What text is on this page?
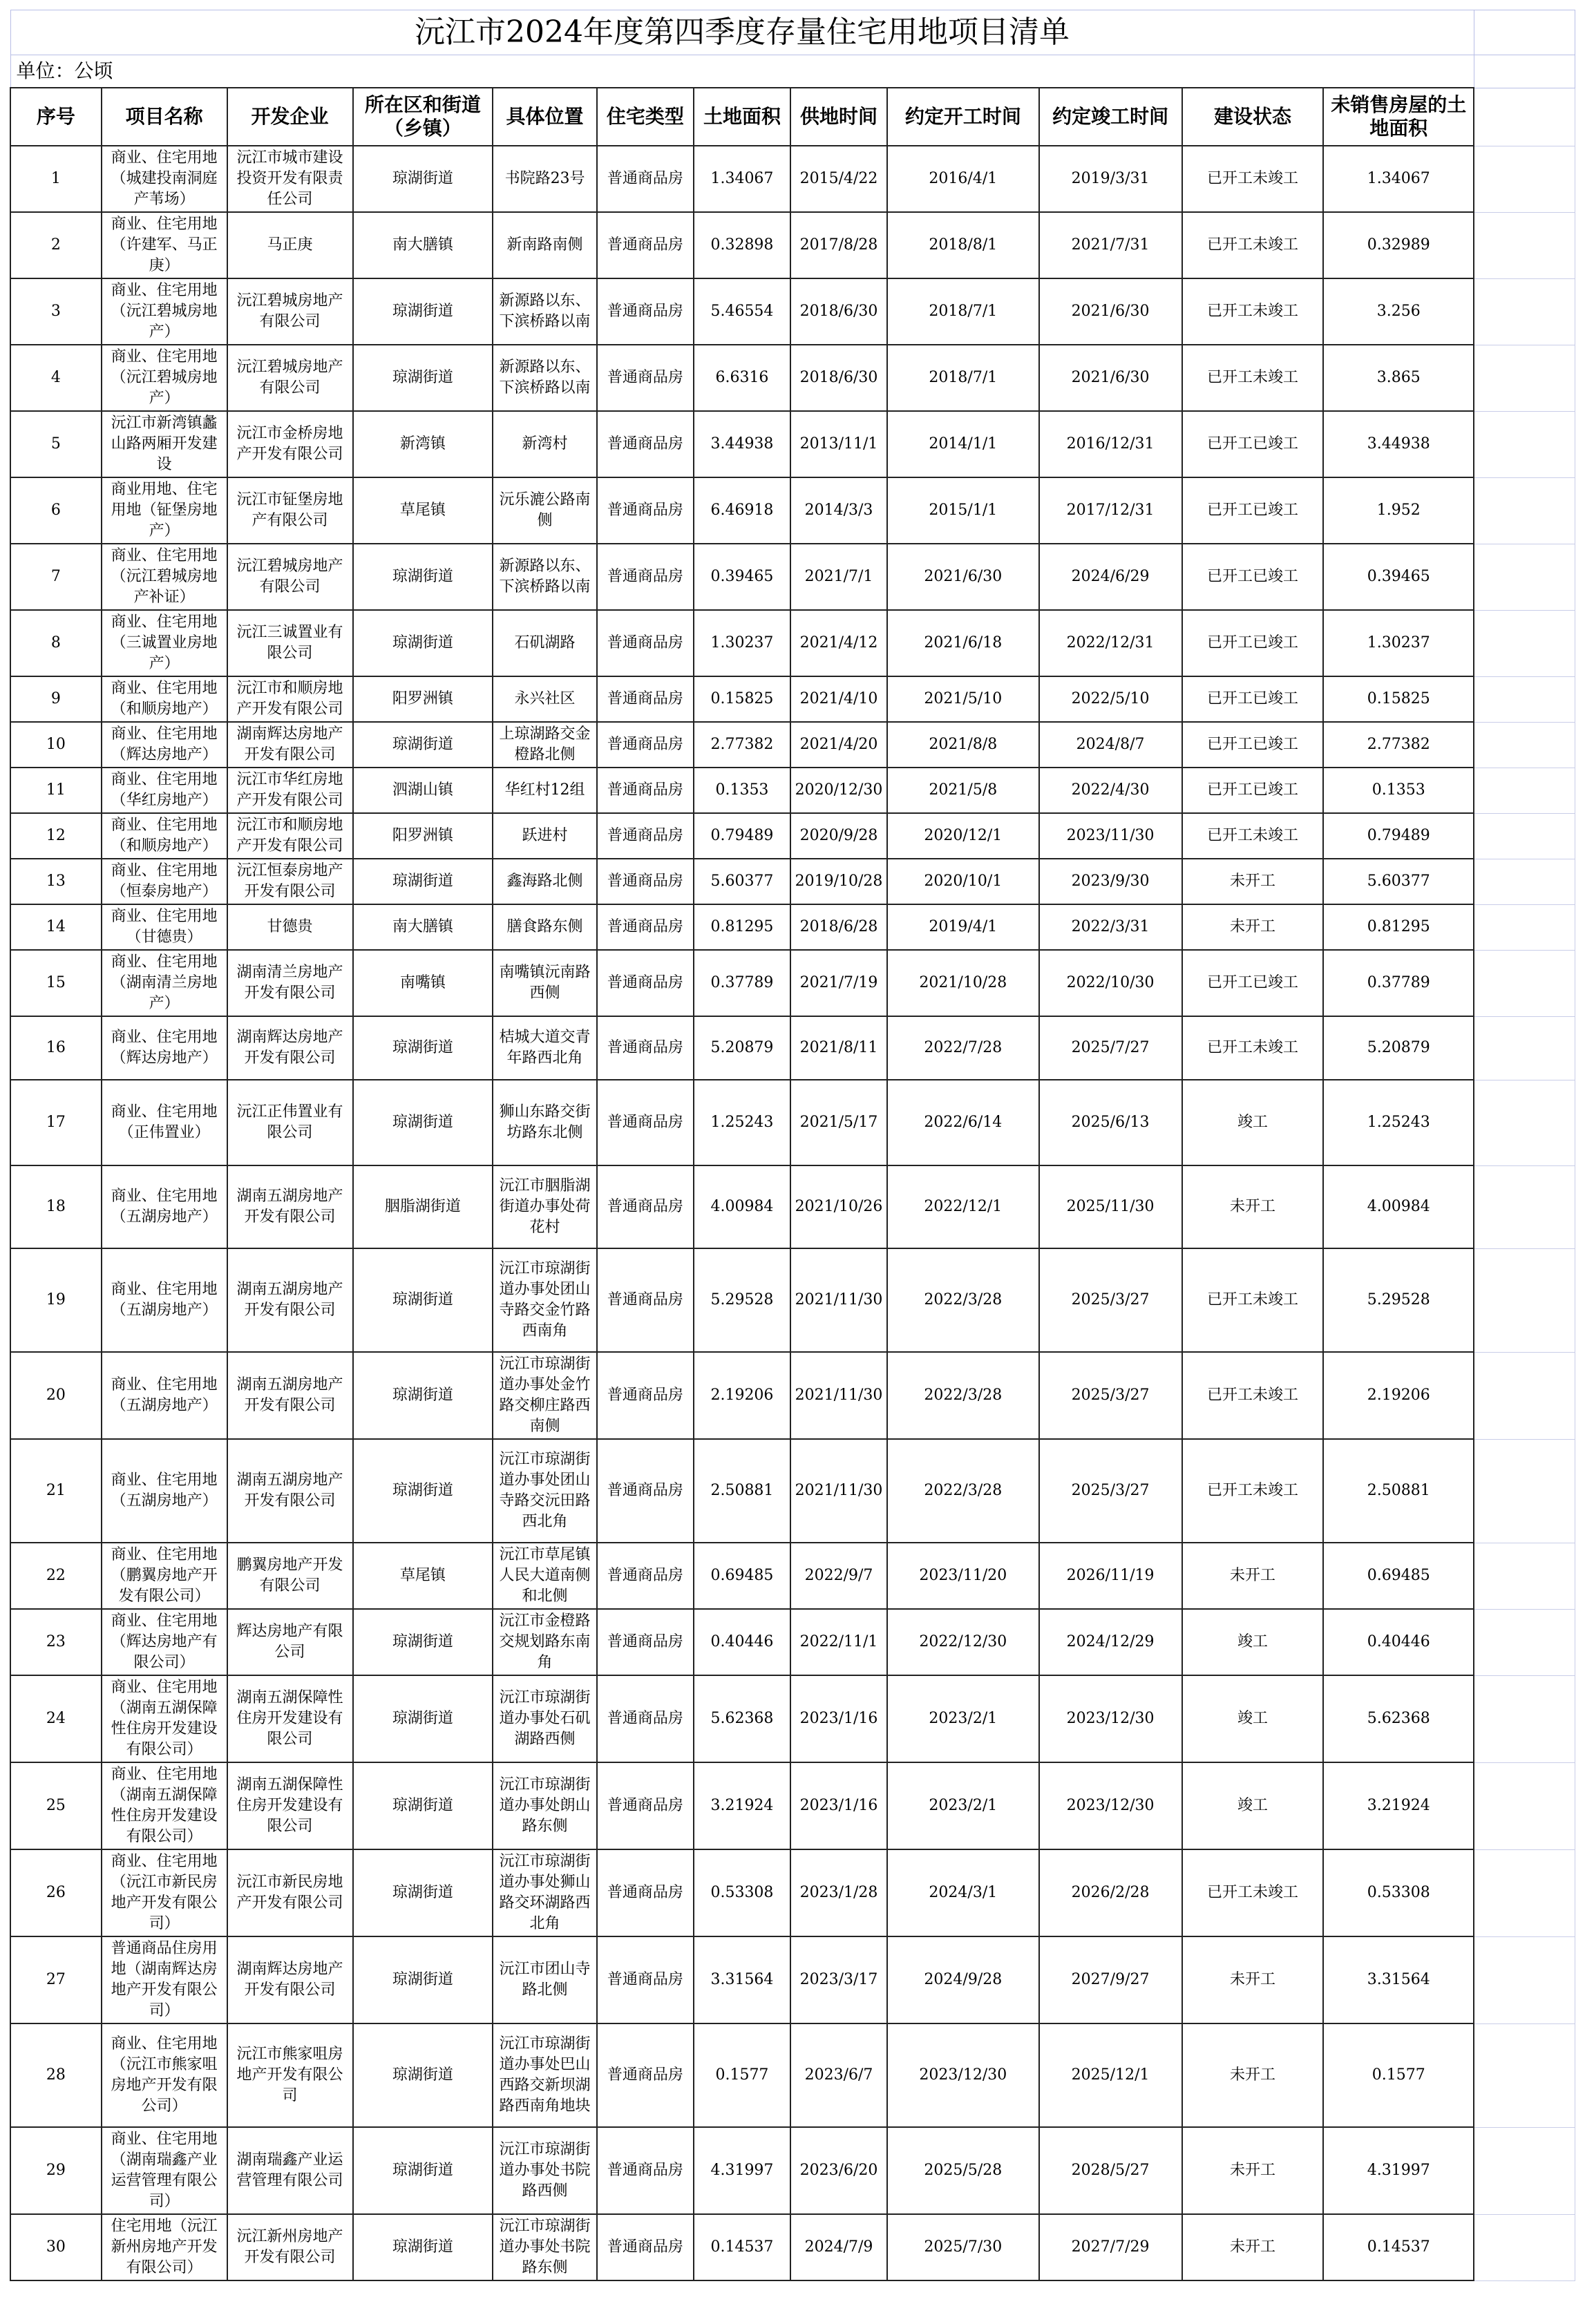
沅江市2024年度第四季度存量住宅用地项目清单												
单位：公顷												
序号	项目名称	开发企业	所在区和街道（乡镇）	具体位置	住宅类型	土地面积	供地时间	约定开工时间	约定竣工时间	建设状态	未销售房屋的土地面积	
1	商业、住宅用地（城建投南洞庭产苇场）	沅江市城市建设投资开发有限责任公司	琼湖街道	书院路23号	普通商品房	1.34067	2015/4/22	2016/4/1	2019/3/31	已开工未竣工	1.34067	
2	商业、住宅用地（许建军、马正庚）	马正庚	南大膳镇	新南路南侧	普通商品房	0.32898	2017/8/28	2018/8/1	2021/7/31	已开工未竣工	0.32989	
3	商业、住宅用地（沅江碧城房地产）	沅江碧城房地产有限公司	琼湖街道	新源路以东、下滨桥路以南	普通商品房	5.46554	2018/6/30	2018/7/1	2021/6/30	已开工未竣工	3.256	
4	商业、住宅用地（沅江碧城房地产）	沅江碧城房地产有限公司	琼湖街道	新源路以东、下滨桥路以南	普通商品房	6.6316	2018/6/30	2018/7/1	2021/6/30	已开工未竣工	3.865	
5	沅江市新湾镇蠡山路两厢开发建设	沅江市金桥房地产开发有限公司	新湾镇	新湾村	普通商品房	3.44938	2013/11/1	2014/1/1	2016/12/31	已开工已竣工	3.44938	
6	商业用地、住宅用地（钲堡房地产）	沅江市钲堡房地产有限公司	草尾镇	沅乐漉公路南侧	普通商品房	6.46918	2014/3/3	2015/1/1	2017/12/31	已开工已竣工	1.952	
7	商业、住宅用地（沅江碧城房地产补证）	沅江碧城房地产有限公司	琼湖街道	新源路以东、下滨桥路以南	普通商品房	0.39465	2021/7/1	2021/6/30	2024/6/29	已开工已竣工	0.39465	
8	商业、住宅用地（三诚置业房地产）	沅江三诚置业有限公司	琼湖街道	石矶湖路	普通商品房	1.30237	2021/4/12	2021/6/18	2022/12/31	已开工已竣工	1.30237	
9	商业、住宅用地（和顺房地产）	沅江市和顺房地产开发有限公司	阳罗洲镇	永兴社区	普通商品房	0.15825	2021/4/10	2021/5/10	2022/5/10	已开工已竣工	0.15825	
10	商业、住宅用地（辉达房地产）	湖南辉达房地产开发有限公司	琼湖街道	上琼湖路交金橙路北侧	普通商品房	2.77382	2021/4/20	2021/8/8	2024/8/7	已开工已竣工	2.77382	
11	商业、住宅用地（华红房地产）	沅江市华红房地产开发有限公司	泗湖山镇	华红村12组	普通商品房	0.1353	2020/12/30	2021/5/8	2022/4/30	已开工已竣工	0.1353	
12	商业、住宅用地（和顺房地产）	沅江市和顺房地产开发有限公司	阳罗洲镇	跃进村	普通商品房	0.79489	2020/9/28	2020/12/1	2023/11/30	已开工未竣工	0.79489	
13	商业、住宅用地（恒泰房地产）	沅江恒泰房地产开发有限公司	琼湖街道	鑫海路北侧	普通商品房	5.60377	2019/10/28	2020/10/1	2023/9/30	未开工	5.60377	
14	商业、住宅用地（甘德贵）	甘德贵	南大膳镇	膳食路东侧	普通商品房	0.81295	2018/6/28	2019/4/1	2022/3/31	未开工	0.81295	
15	商业、住宅用地（湖南清兰房地产）	湖南清兰房地产开发有限公司	南嘴镇	南嘴镇沅南路西侧	普通商品房	0.37789	2021/7/19	2021/10/28	2022/10/30	已开工已竣工	0.37789	
16	商业、住宅用地（辉达房地产）	湖南辉达房地产开发有限公司	琼湖街道	桔城大道交青年路西北角	普通商品房	5.20879	2021/8/11	2022/7/28	2025/7/27	已开工未竣工	5.20879	
17	商业、住宅用地（正伟置业）	沅江正伟置业有限公司	琼湖街道	狮山东路交街坊路东北侧	普通商品房	1.25243	2021/5/17	2022/6/14	2025/6/13	竣工	1.25243	
18	商业、住宅用地（五湖房地产）	湖南五湖房地产开发有限公司	胭脂湖街道	沅江市胭脂湖街道办事处荷花村	普通商品房	4.00984	2021/10/26	2022/12/1	2025/11/30	未开工	4.00984	
19	商业、住宅用地（五湖房地产）	湖南五湖房地产开发有限公司	琼湖街道	沅江市琼湖街道办事处团山寺路交金竹路西南角	普通商品房	5.29528	2021/11/30	2022/3/28	2025/3/27	已开工未竣工	5.29528	
20	商业、住宅用地（五湖房地产）	湖南五湖房地产开发有限公司	琼湖街道	沅江市琼湖街道办事处金竹路交柳庄路西南侧	普通商品房	2.19206	2021/11/30	2022/3/28	2025/3/27	已开工未竣工	2.19206	
21	商业、住宅用地（五湖房地产）	湖南五湖房地产开发有限公司	琼湖街道	沅江市琼湖街道办事处团山寺路交沅田路西北角	普通商品房	2.50881	2021/11/30	2022/3/28	2025/3/27	已开工未竣工	2.50881	
22	商业、住宅用地（鹏翼房地产开发有限公司）	鹏翼房地产开发有限公司	草尾镇	沅江市草尾镇人民大道南侧和北侧	普通商品房	0.69485	2022/9/7	2023/11/20	2026/11/19	未开工	0.69485	
23	商业、住宅用地（辉达房地产有限公司）	辉达房地产有限公司	琼湖街道	沅江市金橙路交规划路东南角	普通商品房	0.40446	2022/11/1	2022/12/30	2024/12/29	竣工	0.40446	
24	商业、住宅用地（湖南五湖保障性住房开发建设有限公司）	湖南五湖保障性住房开发建设有限公司	琼湖街道	沅江市琼湖街道办事处石矶湖路西侧	普通商品房	5.62368	2023/1/16	2023/2/1	2023/12/30	竣工	5.62368	
25	商业、住宅用地（湖南五湖保障性住房开发建设有限公司）	湖南五湖保障性住房开发建设有限公司	琼湖街道	沅江市琼湖街道办事处朗山路东侧	普通商品房	3.21924	2023/1/16	2023/2/1	2023/12/30	竣工	3.21924	
26	商业、住宅用地（沅江市新民房地产开发有限公司）	沅江市新民房地产开发有限公司	琼湖街道	沅江市琼湖街道办事处狮山路交环湖路西北角	普通商品房	0.53308	2023/1/28	2024/3/1	2026/2/28	已开工未竣工	0.53308	
27	普通商品住房用地（湖南辉达房地产开发有限公司）	湖南辉达房地产开发有限公司	琼湖街道	沅江市团山寺路北侧	普通商品房	3.31564	2023/3/17	2024/9/28	2027/9/27	未开工	3.31564	
28	商业、住宅用地（沅江市熊家咀房地产开发有限公司）	沅江市熊家咀房地产开发有限公司	琼湖街道	沅江市琼湖街道办事处巴山西路交新坝湖路西南角地块	普通商品房	0.1577	2023/6/7	2023/12/30	2025/12/1	未开工	0.1577	
29	商业、住宅用地（湖南瑞鑫产业运营管理有限公司）	湖南瑞鑫产业运营管理有限公司	琼湖街道	沅江市琼湖街道办事处书院路西侧	普通商品房	4.31997	2023/6/20	2025/5/28	2028/5/27	未开工	4.31997	
30	住宅用地（沅江新州房地产开发有限公司）	沅江新州房地产开发有限公司	琼湖街道	沅江市琼湖街道办事处书院路东侧	普通商品房	0.14537	2024/7/9	2025/7/30	2027/7/29	未开工	0.14537	
